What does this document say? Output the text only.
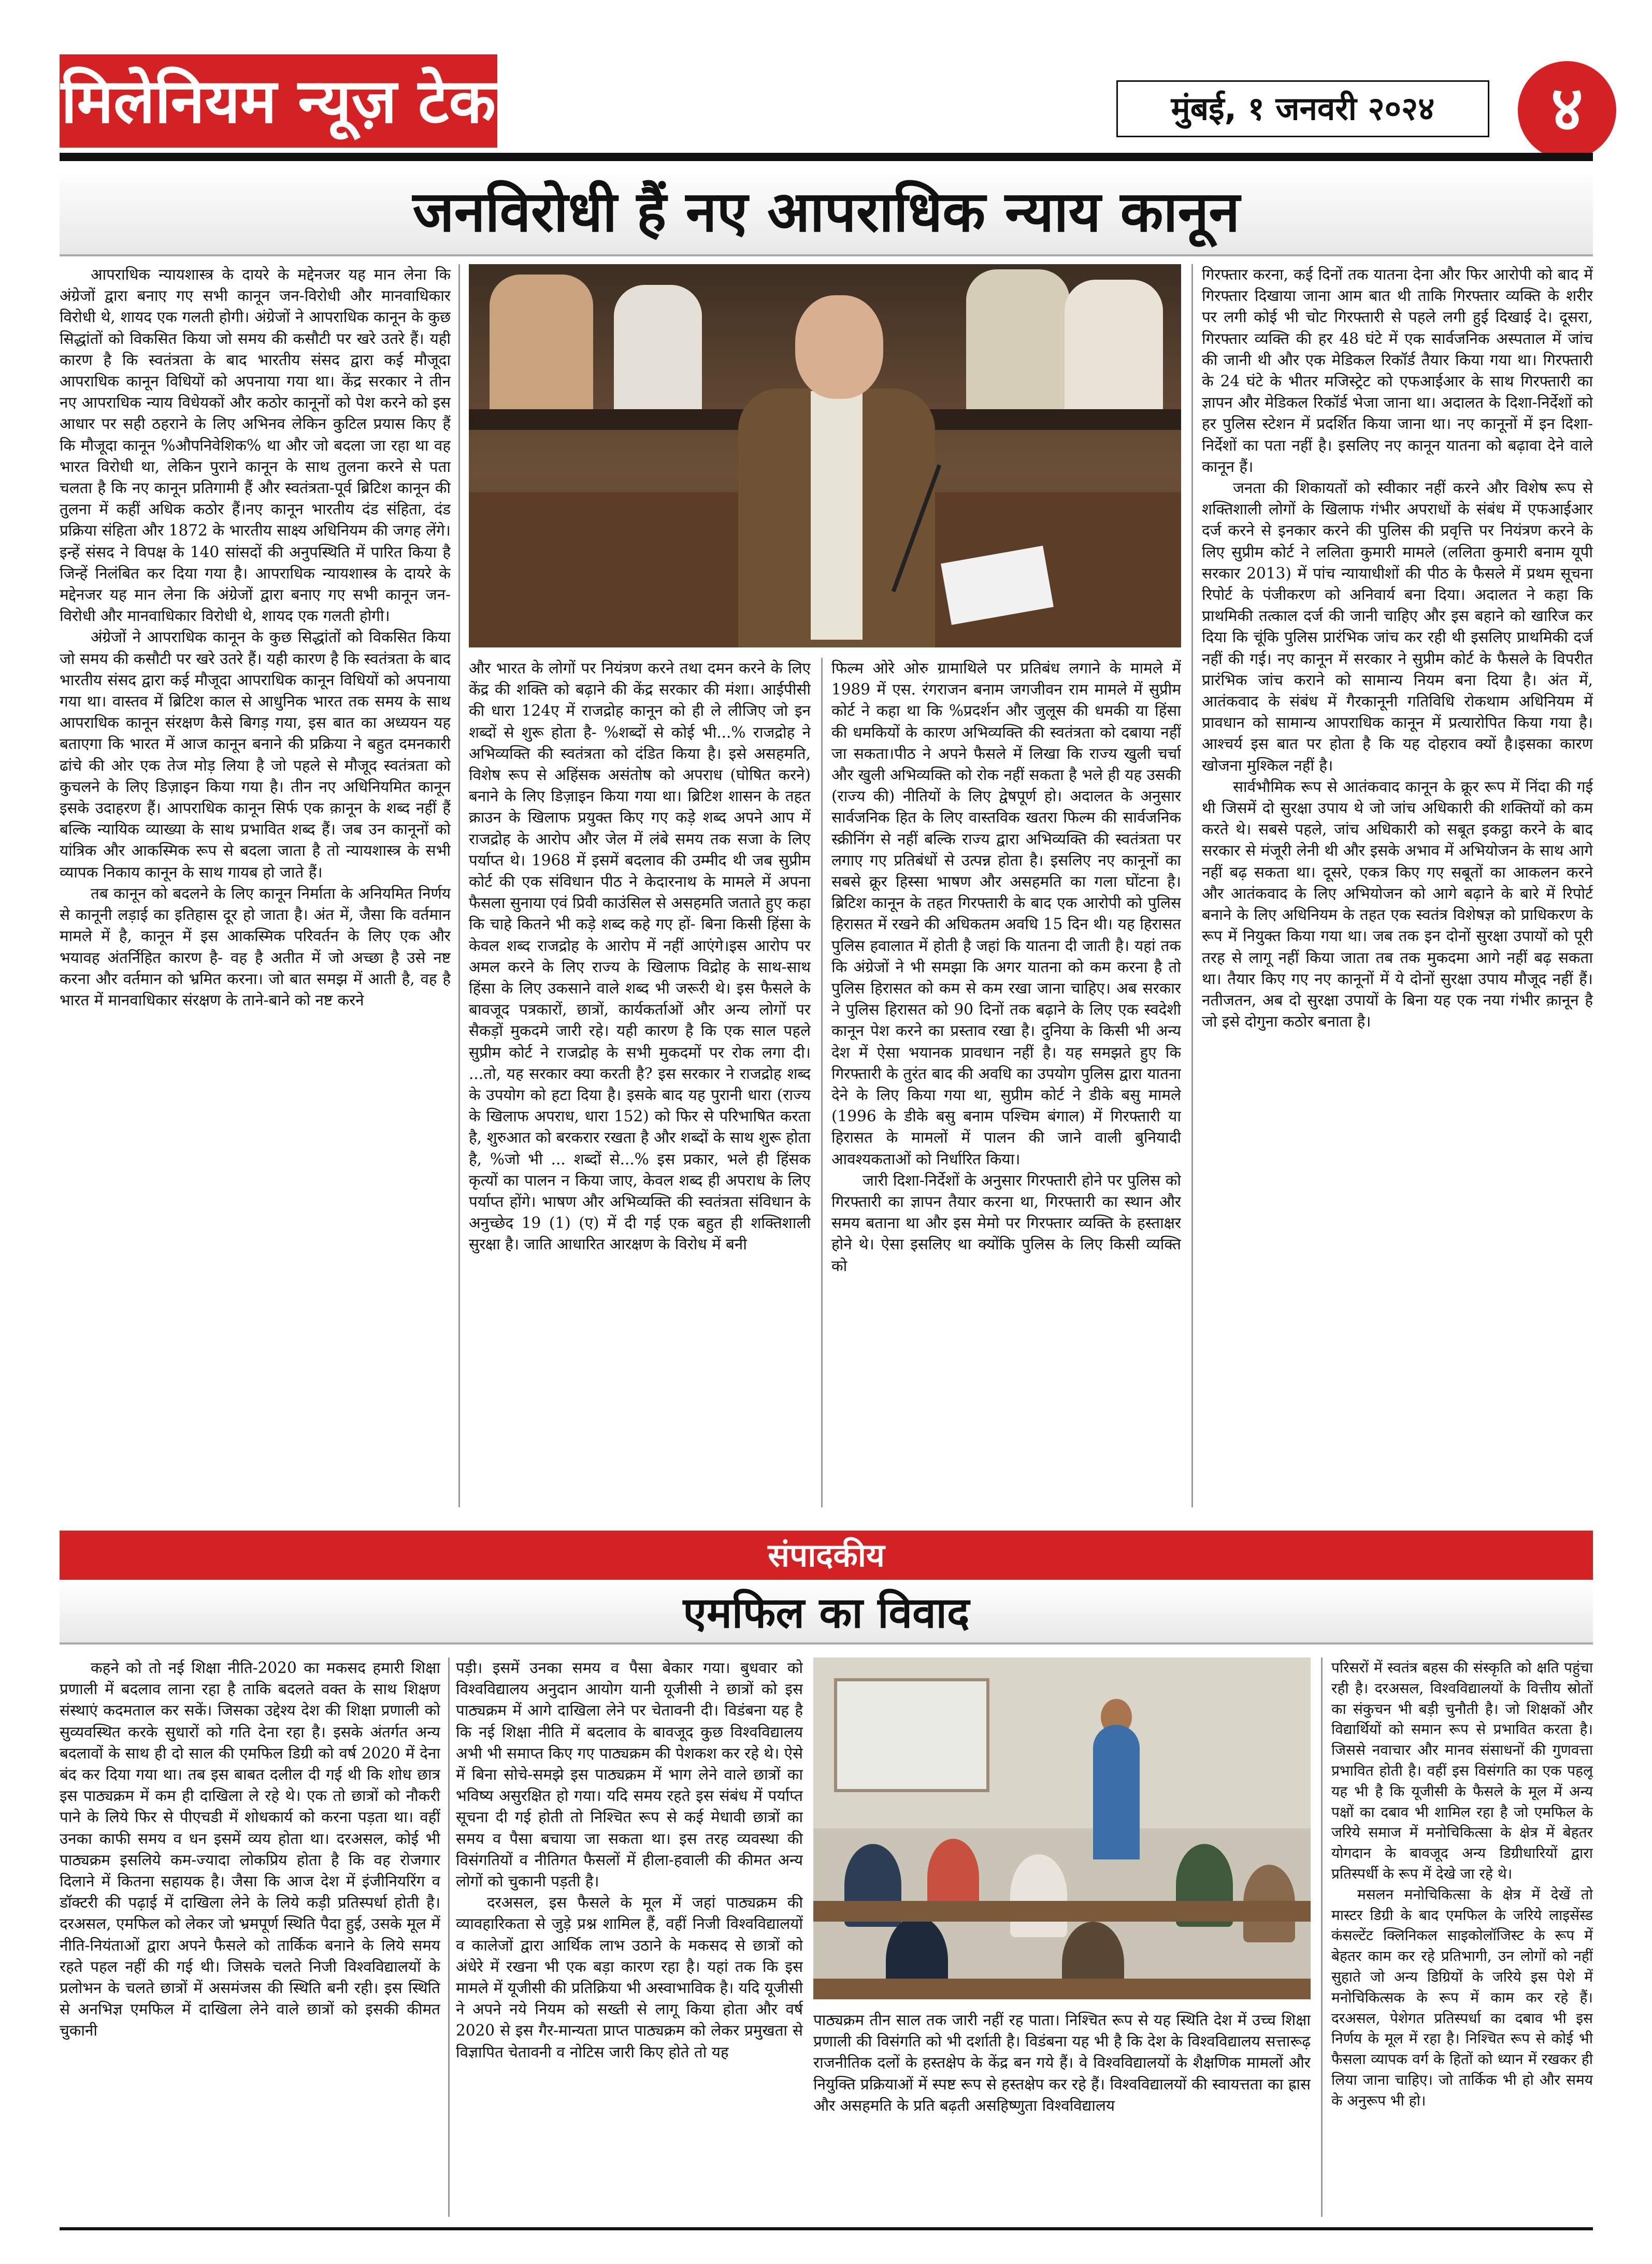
मिलेनियम न्यूज़ टेक	लेख	मुंबई, १ जनवरी २०२४	४
जनविरोधी हैं नए आपराधिक न्याय कानून

आपराधिक न्यायशास्त्र के दायरे के मद्देनजर यह मान लेना कि अंग्रेजों द्वारा बनाए गए सभी कानून जन-विरोधी और मानवाधिकार विरोधी थे, शायद एक गलती होगी। अंग्रेजों ने आपराधिक कानून के कुछ सिद्धांतों को विकसित किया जो समय की कसौटी पर खरे उतरे हैं। यही कारण है कि स्वतंत्रता के बाद भारतीय संसद द्वारा कई मौजूदा आपराधिक कानून विधियों को अपनाया गया था। केंद्र सरकार ने तीन नए आपराधिक न्याय विधेयकों और कठोर कानूनों को पेश करने को इस आधार पर सही ठहराने के लिए अभिनव लेकिन कुटिल प्रयास किए हैं कि मौजूदा कानून %औपनिवेशिक% था और जो बदला जा रहा था वह भारत विरोधी था, लेकिन पुराने कानून के साथ तुलना करने से पता चलता है कि नए कानून प्रतिगामी हैं और स्वतंत्रता-पूर्व ब्रिटिश कानून की तुलना में कहीं अधिक कठोर हैं।नए कानून भारतीय दंड संहिता, दंड प्रक्रिया संहिता और 1872 के भारतीय साक्ष्य अधिनियम की जगह लेंगे। इन्हें संसद ने विपक्ष के 140 सांसदों की अनुपस्थिति में पारित किया है जिन्हें निलंबित कर दिया गया है। आपराधिक न्यायशास्त्र के दायरे के मद्देनजर यह मान लेना कि अंग्रेजों द्वारा बनाए गए सभी कानून जन-विरोधी और मानवाधिकार विरोधी थे, शायद एक गलती होगी।

अंग्रेजों ने आपराधिक कानून के कुछ सिद्धांतों को विकसित किया जो समय की कसौटी पर खरे उतरे हैं। यही कारण है कि स्वतंत्रता के बाद भारतीय संसद द्वारा कई मौजूदा आपराधिक कानून विधियों को अपनाया गया था। वास्तव में ब्रिटिश काल से आधुनिक भारत तक समय के साथ आपराधिक कानून संरक्षण कैसे बिगड़ गया, इस बात का अध्ययन यह बताएगा कि भारत में आज कानून बनाने की प्रक्रिया ने बहुत दमनकारी ढांचे की ओर एक तेज मोड़ लिया है जो पहले से मौजूद स्वतंत्रता को कुचलने के लिए डिज़ाइन किया गया है। तीन नए अधिनियमित कानून इसके उदाहरण हैं। आपराधिक कानून सिर्फ एक क़ानून के शब्द नहीं हैं बल्कि न्यायिक व्याख्या के साथ प्रभावित शब्द हैं। जब उन कानूनों को यांत्रिक और आकस्मिक रूप से बदला जाता है तो न्यायशास्त्र के सभी व्यापक निकाय कानून के साथ गायब हो जाते हैं।

तब कानून को बदलने के लिए कानून निर्माता के अनियमित निर्णय से कानूनी लड़ाई का इतिहास दूर हो जाता है। अंत में, जैसा कि वर्तमान मामले में है, कानून में इस आकस्मिक परिवर्तन के लिए एक और भयावह अंतर्निहित कारण है- वह है अतीत में जो अच्छा है उसे नष्ट करना और वर्तमान को भ्रमित करना। जो बात समझ में आती है, वह है भारत में मानवाधिकार संरक्षण के ताने-बाने को नष्ट करने

और भारत के लोगों पर नियंत्रण करने तथा दमन करने के लिए केंद्र की शक्ति को बढ़ाने की केंद्र सरकार की मंशा। आईपीसी की धारा 124ए में राजद्रोह कानून को ही ले लीजिए जो इन शब्दों से शुरू होता है- %शब्दों से कोई भी...% राजद्रोह ने अभिव्यक्ति की स्वतंत्रता को दंडित किया है। इसे असहमति, विशेष रूप से अहिंसक असंतोष को अपराध (घोषित करने) बनाने के लिए डिज़ाइन किया गया था। ब्रिटिश शासन के तहत क्राउन के खिलाफ प्रयुक्त किए गए कड़े शब्द अपने आप में राजद्रोह के आरोप और जेल में लंबे समय तक सजा के लिए पर्याप्त थे। 1968 में इसमें बदलाव की उम्मीद थी जब सुप्रीम कोर्ट की एक संविधान पीठ ने केदारनाथ के मामले में अपना फैसला सुनाया एवं प्रिवी काउंसिल से असहमति जताते हुए कहा कि चाहे कितने भी कड़े शब्द कहे गए हों- बिना किसी हिंसा के केवल शब्द राजद्रोह के आरोप में नहीं आएंगे।इस आरोप पर अमल करने के लिए राज्य के खिलाफ विद्रोह के साथ-साथ हिंसा के लिए उकसाने वाले शब्द भी जरूरी थे। इस फैसले के बावजूद पत्रकारों, छात्रों, कार्यकर्ताओं और अन्य लोगों पर सैकड़ों मुकदमे जारी रहे। यही कारण है कि एक साल पहले सुप्रीम कोर्ट ने राजद्रोह के सभी मुकदमों पर रोक लगा दी। ...तो, यह सरकार क्या करती है? इस सरकार ने राजद्रोह शब्द के उपयोग को हटा दिया है। इसके बाद यह पुरानी धारा (राज्य के खिलाफ अपराध, धारा 152) को फिर से परिभाषित करता है, शुरुआत को बरकरार रखता है और शब्दों के साथ शुरू होता है, %जो भी ... शब्दों से...% इस प्रकार, भले ही हिंसक कृत्यों का पालन न किया जाए, केवल शब्द ही अपराध के लिए पर्याप्त होंगे। भाषण और अभिव्यक्ति की स्वतंत्रता संविधान के अनुच्छेद 19 (1) (ए) में दी गई एक बहुत ही शक्तिशाली सुरक्षा है। जाति आधारित आरक्षण के विरोध में बनी

फिल्म ओरे ओरु ग्रामाथिले पर प्रतिबंध लगाने के मामले में 1989 में एस. रंगराजन बनाम जगजीवन राम मामले में सुप्रीम कोर्ट ने कहा था कि %प्रदर्शन और जुलूस की धमकी या हिंसा की धमकियों के कारण अभिव्यक्ति की स्वतंत्रता को दबाया नहीं जा सकता।पीठ ने अपने फैसले में लिखा कि राज्य खुली चर्चा और खुली अभिव्यक्ति को रोक नहीं सकता है भले ही यह उसकी (राज्य की) नीतियों के लिए द्वेषपूर्ण हो। अदालत के अनुसार सार्वजनिक हित के लिए वास्तविक खतरा फिल्म की सार्वजनिक स्क्रीनिंग से नहीं बल्कि राज्य द्वारा अभिव्यक्ति की स्वतंत्रता पर लगाए गए प्रतिबंधों से उत्पन्न होता है। इसलिए नए कानूनों का सबसे क्रूर हिस्सा भाषण और असहमति का गला घोंटना है। ब्रिटिश कानून के तहत गिरफ्तारी के बाद एक आरोपी को पुलिस हिरासत में रखने की अधिकतम अवधि 15 दिन थी। यह हिरासत पुलिस हवालात में होती है जहां कि यातना दी जाती है। यहां तक कि अंग्रेजों ने भी समझा कि अगर यातना को कम करना है तो पुलिस हिरासत को कम से कम रखा जाना चाहिए। अब सरकार ने पुलिस हिरासत को 90 दिनों तक बढ़ाने के लिए एक स्वदेशी कानून पेश करने का प्रस्ताव रखा है। दुनिया के किसी भी अन्य देश में ऐसा भयानक प्रावधान नहीं है। यह समझते हुए कि गिरफ्तारी के तुरंत बाद की अवधि का उपयोग पुलिस द्वारा यातना देने के लिए किया गया था, सुप्रीम कोर्ट ने डीके बसु मामले (1996 के डीके बसु बनाम पश्चिम बंगाल) में गिरफ्तारी या हिरासत के मामलों में पालन की जाने वाली बुनियादी आवश्यकताओं को निर्धारित किया।

जारी दिशा-निर्देशों के अनुसार गिरफ्तारी होने पर पुलिस को गिरफ्तारी का ज्ञापन तैयार करना था, गिरफ्तारी का स्थान और समय बताना था और इस मेमो पर गिरफ्तार व्यक्ति के हस्ताक्षर होने थे। ऐसा इसलिए था क्योंकि पुलिस के लिए किसी व्यक्ति को

गिरफ्तार करना, कई दिनों तक यातना देना और फिर आरोपी को बाद में गिरफ्तार दिखाया जाना आम बात थी ताकि गिरफ्तार व्यक्ति के शरीर पर लगी कोई भी चोट गिरफ्तारी से पहले लगी हुई दिखाई दे। दूसरा, गिरफ्तार व्यक्ति की हर 48 घंटे में एक सार्वजनिक अस्पताल में जांच की जानी थी और एक मेडिकल रिकॉर्ड तैयार किया गया था। गिरफ्तारी के 24 घंटे के भीतर मजिस्ट्रेट को एफआईआर के साथ गिरफ्तारी का ज्ञापन और मेडिकल रिकॉर्ड भेजा जाना था। अदालत के दिशा-निर्देशों को हर पुलिस स्टेशन में प्रदर्शित किया जाना था। नए कानूनों में इन दिशा-निर्देशों का पता नहीं है। इसलिए नए कानून यातना को बढ़ावा देने वाले कानून हैं।

जनता की शिकायतों को स्वीकार नहीं करने और विशेष रूप से शक्तिशाली लोगों के खिलाफ गंभीर अपराधों के संबंध में एफआईआर दर्ज करने से इनकार करने की पुलिस की प्रवृत्ति पर नियंत्रण करने के लिए सुप्रीम कोर्ट ने ललिता कुमारी मामले (ललिता कुमारी बनाम यूपी सरकार 2013) में पांच न्यायाधीशों की पीठ के फैसले में प्रथम सूचना रिपोर्ट के पंजीकरण को अनिवार्य बना दिया। अदालत ने कहा कि प्राथमिकी तत्काल दर्ज की जानी चाहिए और इस बहाने को खारिज कर दिया कि चूंकि पुलिस प्रारंभिक जांच कर रही थी इसलिए प्राथमिकी दर्ज नहीं की गई। नए कानून में सरकार ने सुप्रीम कोर्ट के फैसले के विपरीत प्रारंभिक जांच कराने को सामान्य नियम बना दिया है। अंत में, आतंकवाद के संबंध में गैरकानूनी गतिविधि रोकथाम अधिनियम में प्रावधान को सामान्य आपराधिक कानून में प्रत्यारोपित किया गया है। आश्चर्य इस बात पर होता है कि यह दोहराव क्यों है।इसका कारण खोजना मुश्किल नहीं है।

सार्वभौमिक रूप से आतंकवाद कानून के क्रूर रूप में निंदा की गई थी जिसमें दो सुरक्षा उपाय थे जो जांच अधिकारी की शक्तियों को कम करते थे। सबसे पहले, जांच अधिकारी को सबूत इकट्ठा करने के बाद सरकार से मंजूरी लेनी थी और इसके अभाव में अभियोजन के साथ आगे नहीं बढ़ सकता था। दूसरे, एकत्र किए गए सबूतों का आकलन करने और आतंकवाद के लिए अभियोजन को आगे बढ़ाने के बारे में रिपोर्ट बनाने के लिए अधिनियम के तहत एक स्वतंत्र विशेषज्ञ को प्राधिकरण के रूप में नियुक्त किया गया था। जब तक इन दोनों सुरक्षा उपायों को पूरी तरह से लागू नहीं किया जाता तब तक मुकदमा आगे नहीं बढ़ सकता था। तैयार किए गए नए कानूनों में ये दोनों सुरक्षा उपाय मौजूद नहीं हैं। नतीजतन, अब दो सुरक्षा उपायों के बिना यह एक नया गंभीर क़ानून है जो इसे दोगुना कठोर बनाता है।

संपादकीय
एमफिल का विवाद

कहने को तो नई शिक्षा नीति-2020 का मकसद हमारी शिक्षा प्रणाली में बदलाव लाना रहा है ताकि बदलते वक्त के साथ शिक्षण संस्थाएं कदमताल कर सकें। जिसका उद्देश्य देश की शिक्षा प्रणाली को सुव्यवस्थित करके सुधारों को गति देना रहा है। इसके अंतर्गत अन्य बदलावों के साथ ही दो साल की एमफिल डिग्री को वर्ष 2020 में देना बंद कर दिया गया था। तब इस बाबत दलील दी गई थी कि शोध छात्र इस पाठ्यक्रम में कम ही दाखिला ले रहे थे। एक तो छात्रों को नौकरी पाने के लिये फिर से पीएचडी में शोधकार्य को करना पड़ता था। वहीं उनका काफी समय व धन इसमें व्यय होता था। दरअसल, कोई भी पाठ्यक्रम इसलिये कम-ज्यादा लोकप्रिय होता है कि वह रोजगार दिलाने में कितना सहायक है। जैसा कि आज देश में इंजीनियरिंग व डॉक्टरी की पढ़ाई में दाखिला लेने के लिये कड़ी प्रतिस्पर्धा होती है। दरअसल, एमफिल को लेकर जो भ्रमपूर्ण स्थिति पैदा हुई, उसके मूल में नीति-नियंताओं द्वारा अपने फैसले को तार्किक बनाने के लिये समय रहते पहल नहीं की गई थी। जिसके चलते निजी विश्वविद्यालयों के प्रलोभन के चलते छात्रों में असमंजस की स्थिति बनी रही। इस स्थिति से अनभिज्ञ एमफिल में दाखिला लेने वाले छात्रों को इसकी कीमत चुकानी

पड़ी। इसमें उनका समय व पैसा बेकार गया। बुधवार को विश्वविद्यालय अनुदान आयोग यानी यूजीसी ने छात्रों को इस पाठ्यक्रम में आगे दाखिला लेने पर चेतावनी दी। विडंबना यह है कि नई शिक्षा नीति में बदलाव के बावजूद कुछ विश्वविद्यालय अभी भी समाप्त किए गए पाठ्यक्रम की पेशकश कर रहे थे। ऐसे में बिना सोचे-समझे इस पाठ्यक्रम में भाग लेने वाले छात्रों का भविष्य असुरक्षित हो गया। यदि समय रहते इस संबंध में पर्याप्त सूचना दी गई होती तो निश्चित रूप से कई मेधावी छात्रों का समय व पैसा बचाया जा सकता था। इस तरह व्यवस्था की विसंगतियों व नीतिगत फैसलों में हीला-हवाली की कीमत अन्य लोगों को चुकानी पड़ती है।

दरअसल, इस फैसले के मूल में जहां पाठ्यक्रम की व्यावहारिकता से जुड़े प्रश्न शामिल हैं, वहीं निजी विश्वविद्यालयों व कालेजों द्वारा आर्थिक लाभ उठाने के मकसद से छात्रों को अंधेरे में रखना भी एक बड़ा कारण रहा है। यहां तक कि इस मामले में यूजीसी की प्रतिक्रिया भी अस्वाभाविक है। यदि यूजीसी ने अपने नये नियम को सख्ती से लागू किया होता और वर्ष 2020 से इस गैर-मान्यता प्राप्त पाठ्यक्रम को लेकर प्रमुखता से विज्ञापित चेतावनी व नोटिस जारी किए होते तो यह

पाठ्यक्रम तीन साल तक जारी नहीं रह पाता। निश्चित रूप से यह स्थिति देश में उच्च शिक्षा प्रणाली की विसंगति को भी दर्शाती है। विडंबना यह भी है कि देश के विश्वविद्यालय सत्तारूढ़ राजनीतिक दलों के हस्तक्षेप के केंद्र बन गये हैं। वे विश्वविद्यालयों के शैक्षणिक मामलों और नियुक्ति प्रक्रियाओं में स्पष्ट रूप से हस्तक्षेप कर रहे हैं। विश्वविद्यालयों की स्वायत्तता का ह्रास और असहमति के प्रति बढ़ती असहिष्णुता विश्वविद्यालय

परिसरों में स्वतंत्र बहस की संस्कृति को क्षति पहुंचा रही है। दरअसल, विश्वविद्यालयों के वित्तीय स्रोतों का संकुचन भी बड़ी चुनौती है। जो शिक्षकों और विद्यार्थियों को समान रूप से प्रभावित करता है। जिससे नवाचार और मानव संसाधनों की गुणवत्ता प्रभावित होती है। वहीं इस विसंगति का एक पहलू यह भी है कि यूजीसी के फैसले के मूल में अन्य पक्षों का दबाव भी शामिल रहा है जो एमफिल के जरिये समाज में मनोचिकित्सा के क्षेत्र में बेहतर योगदान के बावजूद अन्य डिग्रीधारियों द्वारा प्रतिस्पर्धी के रूप में देखे जा रहे थे।

मसलन मनोचिकित्सा के क्षेत्र में देखें तो मास्टर डिग्री के बाद एमफिल के जरिये लाइसेंस्ड कंसल्टेंट क्लिनिकल साइकोलॉजिस्ट के रूप में बेहतर काम कर रहे प्रतिभागी, उन लोगों को नहीं सुहाते जो अन्य डिग्रियों के जरिये इस पेशे में मनोचिकित्सक के रूप में काम कर रहे हैं। दरअसल, पेशेगत प्रतिस्पर्धा का दबाव भी इस निर्णय के मूल में रहा है। निश्चित रूप से कोई भी फैसला व्यापक वर्ग के हितों को ध्यान में रखकर ही लिया जाना चाहिए। जो तार्किक भी हो और समय के अनुरूप भी हो।
